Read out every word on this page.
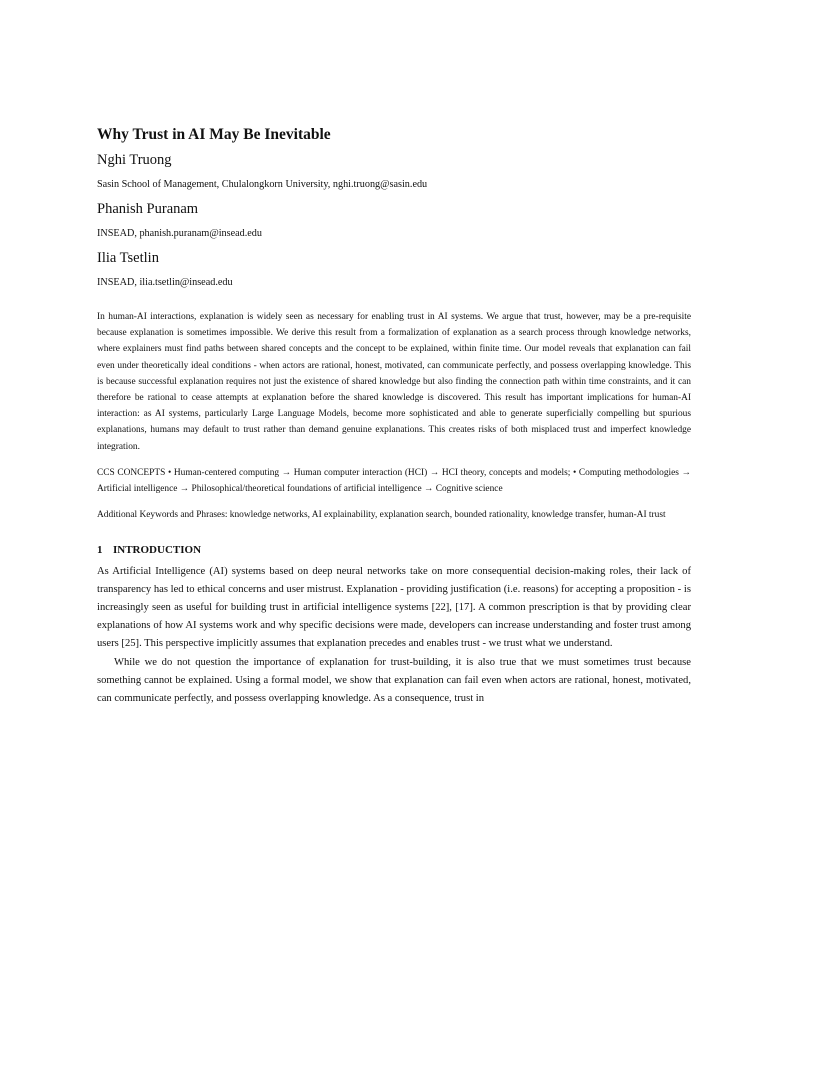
Why Trust in AI May Be Inevitable
Nghi Truong
Sasin School of Management, Chulalongkorn University, nghi.truong@sasin.edu
Phanish Puranam
INSEAD, phanish.puranam@insead.edu
Ilia Tsetlin
INSEAD, ilia.tsetlin@insead.edu

In human-AI interactions, explanation is widely seen as necessary for enabling trust in AI systems. We argue that trust, however, may be a pre-requisite because explanation is sometimes impossible. We derive this result from a formalization of explanation as a search process through knowledge networks, where explainers must find paths between shared concepts and the concept to be explained, within finite time. Our model reveals that explanation can fail even under theoretically ideal conditions - when actors are rational, honest, motivated, can communicate perfectly, and possess overlapping knowledge. This is because successful explanation requires not just the existence of shared knowledge but also finding the connection path within time constraints, and it can therefore be rational to cease attempts at explanation before the shared knowledge is discovered. This result has important implications for human-AI interaction: as AI systems, particularly Large Language Models, become more sophisticated and able to generate superficially compelling but spurious explanations, humans may default to trust rather than demand genuine explanations. This creates risks of both misplaced trust and imperfect knowledge integration.

CCS CONCEPTS • Human-centered computing → Human computer interaction (HCI) → HCI theory, concepts and models; • Computing methodologies → Artificial intelligence → Philosophical/theoretical foundations of artificial intelligence → Cognitive science

Additional Keywords and Phrases: knowledge networks, AI explainability, explanation search, bounded rationality, knowledge transfer, human-AI trust

1 INTRODUCTION

As Artificial Intelligence (AI) systems based on deep neural networks take on more consequential decision-making roles, their lack of transparency has led to ethical concerns and user mistrust. Explanation - providing justification (i.e. reasons) for accepting a proposition - is increasingly seen as useful for building trust in artificial intelligence systems [22], [17]. A common prescription is that by providing clear explanations of how AI systems work and why specific decisions were made, developers can increase understanding and foster trust among users [25]. This perspective implicitly assumes that explanation precedes and enables trust - we trust what we understand.

While we do not question the importance of explanation for trust-building, it is also true that we must sometimes trust because something cannot be explained. Using a formal model, we show that explanation can fail even when actors are rational, honest, motivated, can communicate perfectly, and possess overlapping knowledge. As a consequence, trust in
